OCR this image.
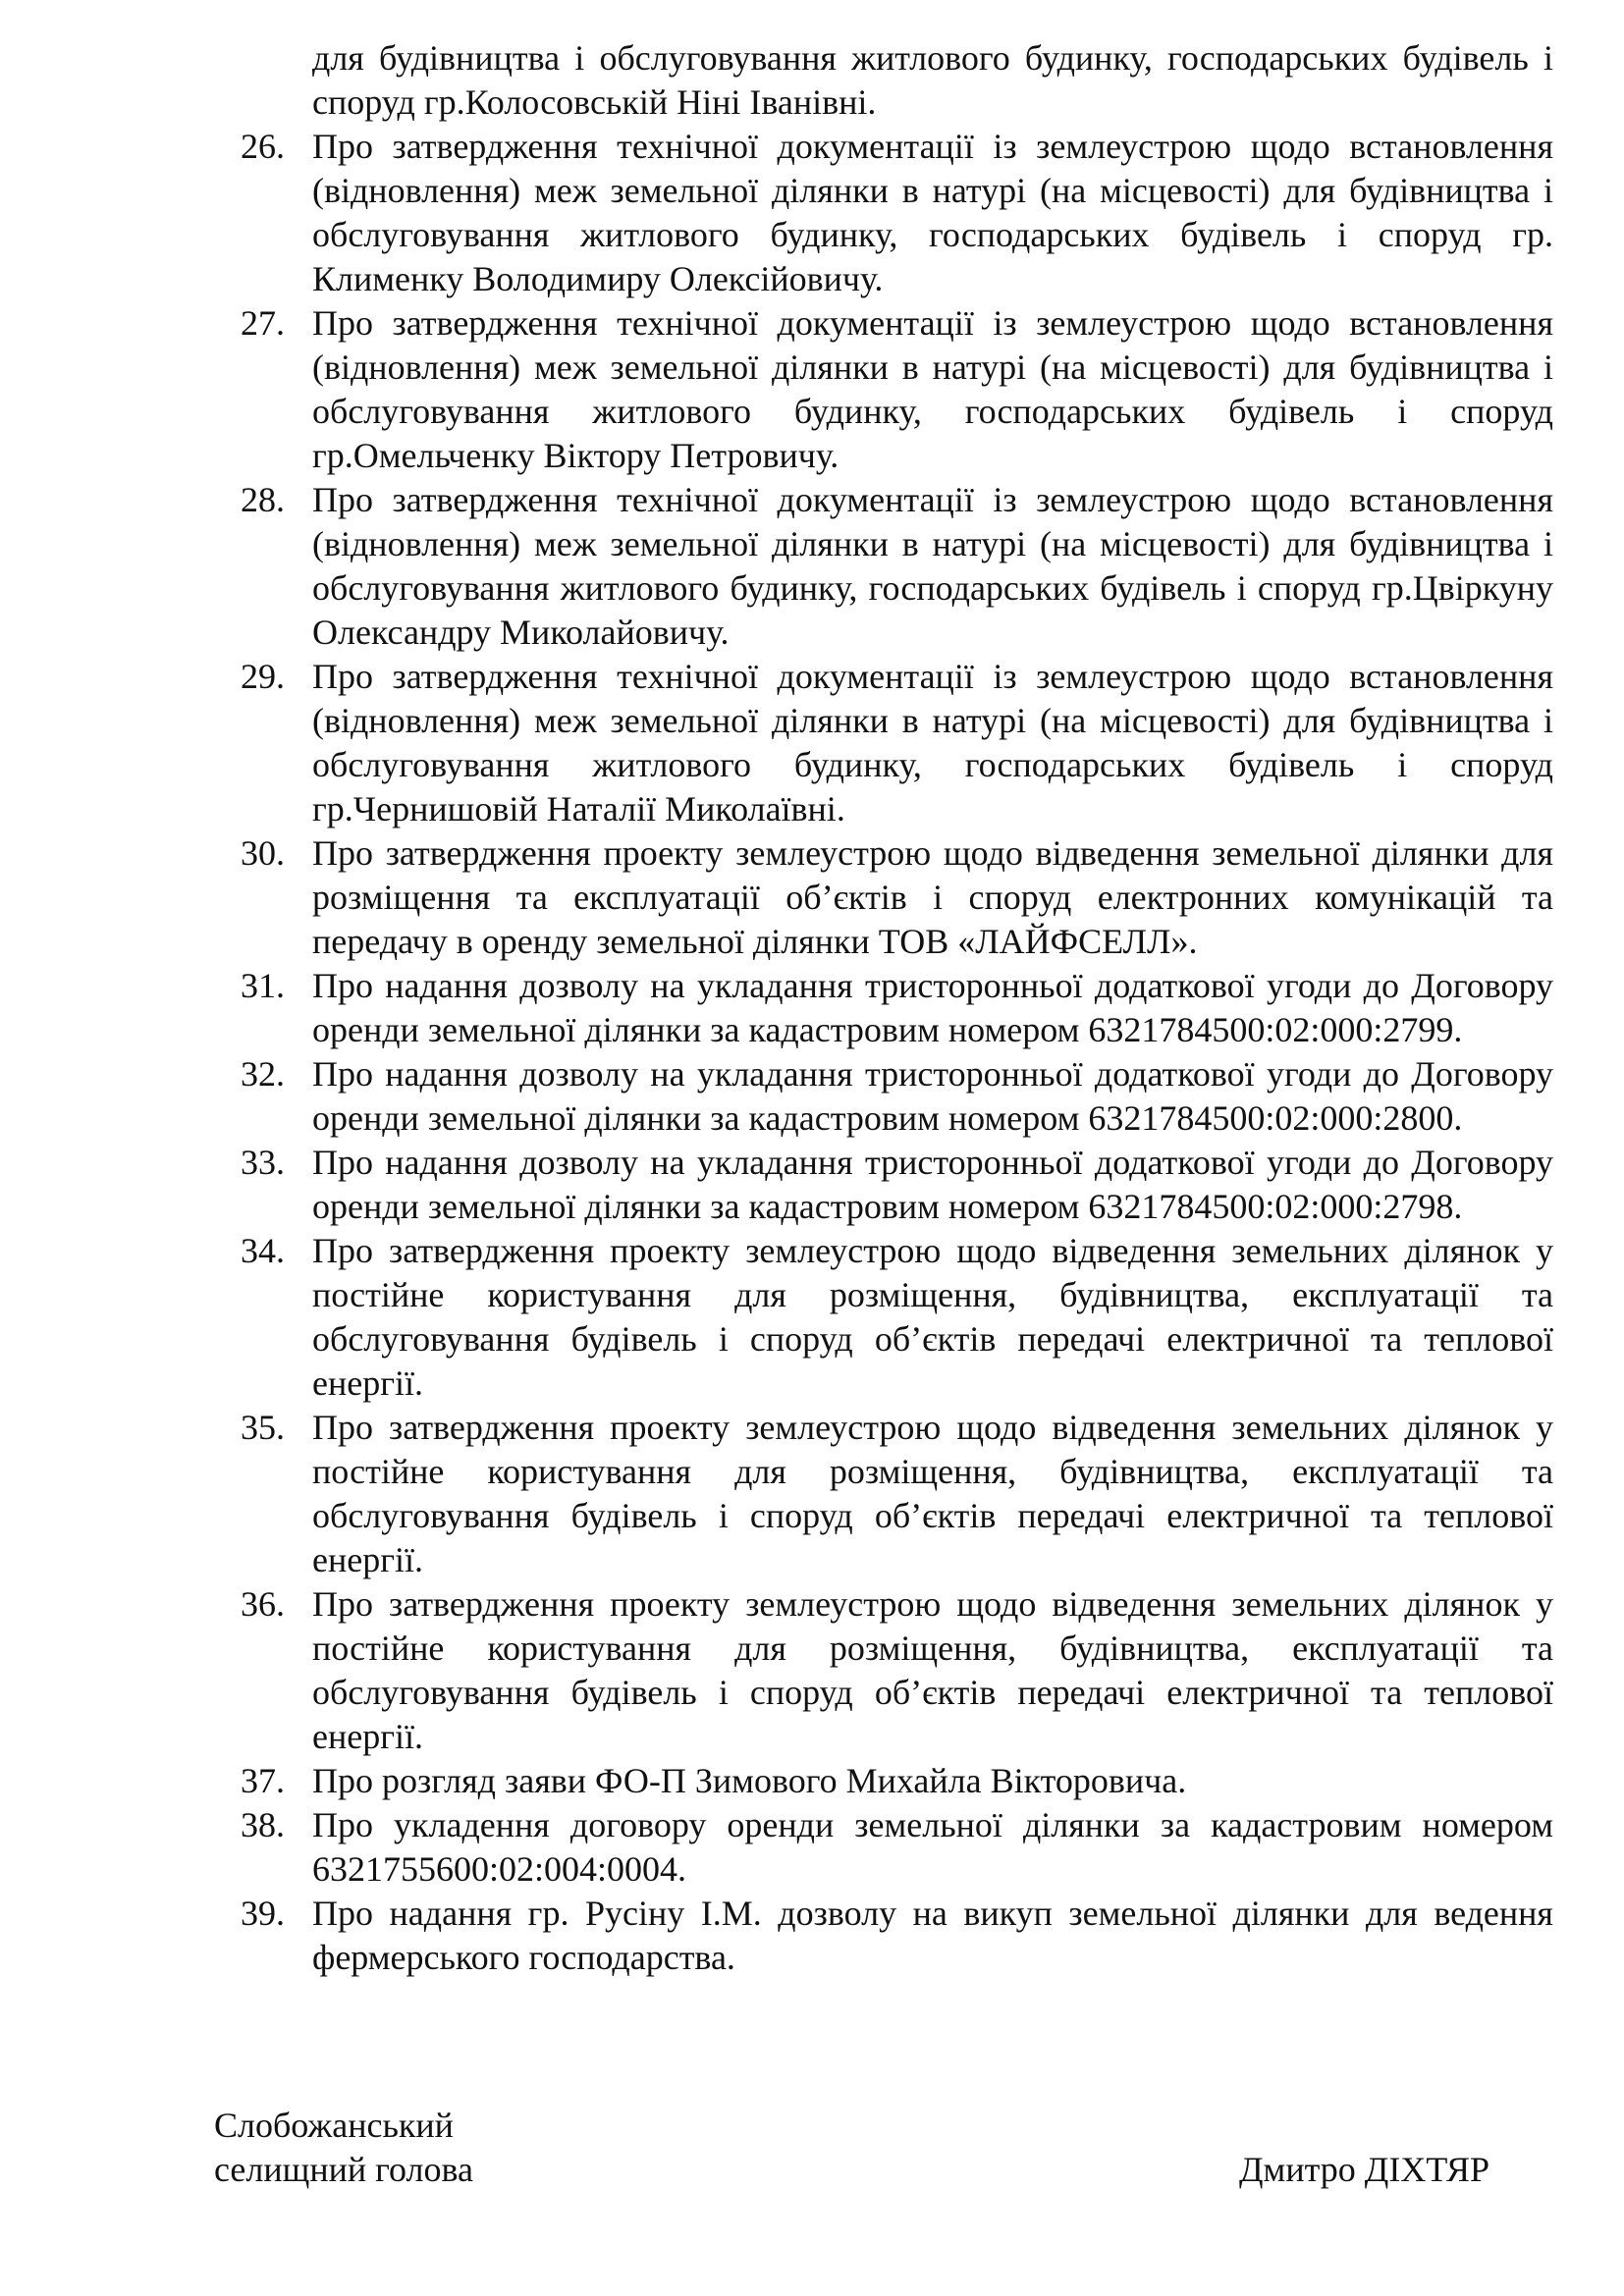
для будівництва і обслуговування житлового будинку, господарських будівель і споруд гр.Колосовській Ніні Іванівні.
26. Про затвердження технічної документації із землеустрою щодо встановлення (відновлення) меж земельної ділянки в натурі (на місцевості) для будівництва і обслуговування житлового будинку, господарських будівель і споруд гр. Клименку Володимиру Олексійовичу.
27. Про затвердження технічної документації із землеустрою щодо встановлення (відновлення) меж земельної ділянки в натурі (на місцевості) для будівництва і обслуговування житлового будинку, господарських будівель і споруд гр.Омельченку Віктору Петровичу.
28. Про затвердження технічної документації із землеустрою щодо встановлення (відновлення) меж земельної ділянки в натурі (на місцевості) для будівництва і обслуговування житлового будинку, господарських будівель і споруд гр.Цвіркуну Олександру Миколайовичу.
29. Про затвердження технічної документації із землеустрою щодо встановлення (відновлення) меж земельної ділянки в натурі (на місцевості) для будівництва і обслуговування житлового будинку, господарських будівель і споруд гр.Чернишовій Наталії Миколаївні.
30. Про затвердження проекту землеустрою щодо відведення земельної ділянки для розміщення та експлуатації об’єктів і споруд електронних комунікацій та передачу в оренду земельної ділянки ТОВ «ЛАЙФСЕЛЛ».
31. Про надання дозволу на укладання тристоронньої додаткової угоди до Договору оренди земельної ділянки за кадастровим номером 6321784500:02:000:2799.
32. Про надання дозволу на укладання тристоронньої додаткової угоди до Договору оренди земельної ділянки за кадастровим номером 6321784500:02:000:2800.
33. Про надання дозволу на укладання тристоронньої додаткової угоди до Договору оренди земельної ділянки за кадастровим номером 6321784500:02:000:2798.
34. Про затвердження проекту землеустрою щодо відведення земельних ділянок у постійне користування для розміщення, будівництва, експлуатації та обслуговування будівель і споруд об’єктів передачі електричної та теплової енергії.
35. Про затвердження проекту землеустрою щодо відведення земельних ділянок у постійне користування для розміщення, будівництва, експлуатації та обслуговування будівель і споруд об’єктів передачі електричної та теплової енергії.
36. Про затвердження проекту землеустрою щодо відведення земельних ділянок у постійне користування для розміщення, будівництва, експлуатації та обслуговування будівель і споруд об’єктів передачі електричної та теплової енергії.
37. Про розгляд заяви ФО-П Зимового Михайла Вікторовича.
38. Про укладення договору оренди земельної ділянки за кадастровим номером 6321755600:02:004:0004.
39. Про надання гр. Русіну І.М. дозволу на викуп земельної ділянки для ведення фермерського господарства.
Слобожанський
селищний голова	Дмитро ДІХТЯР
